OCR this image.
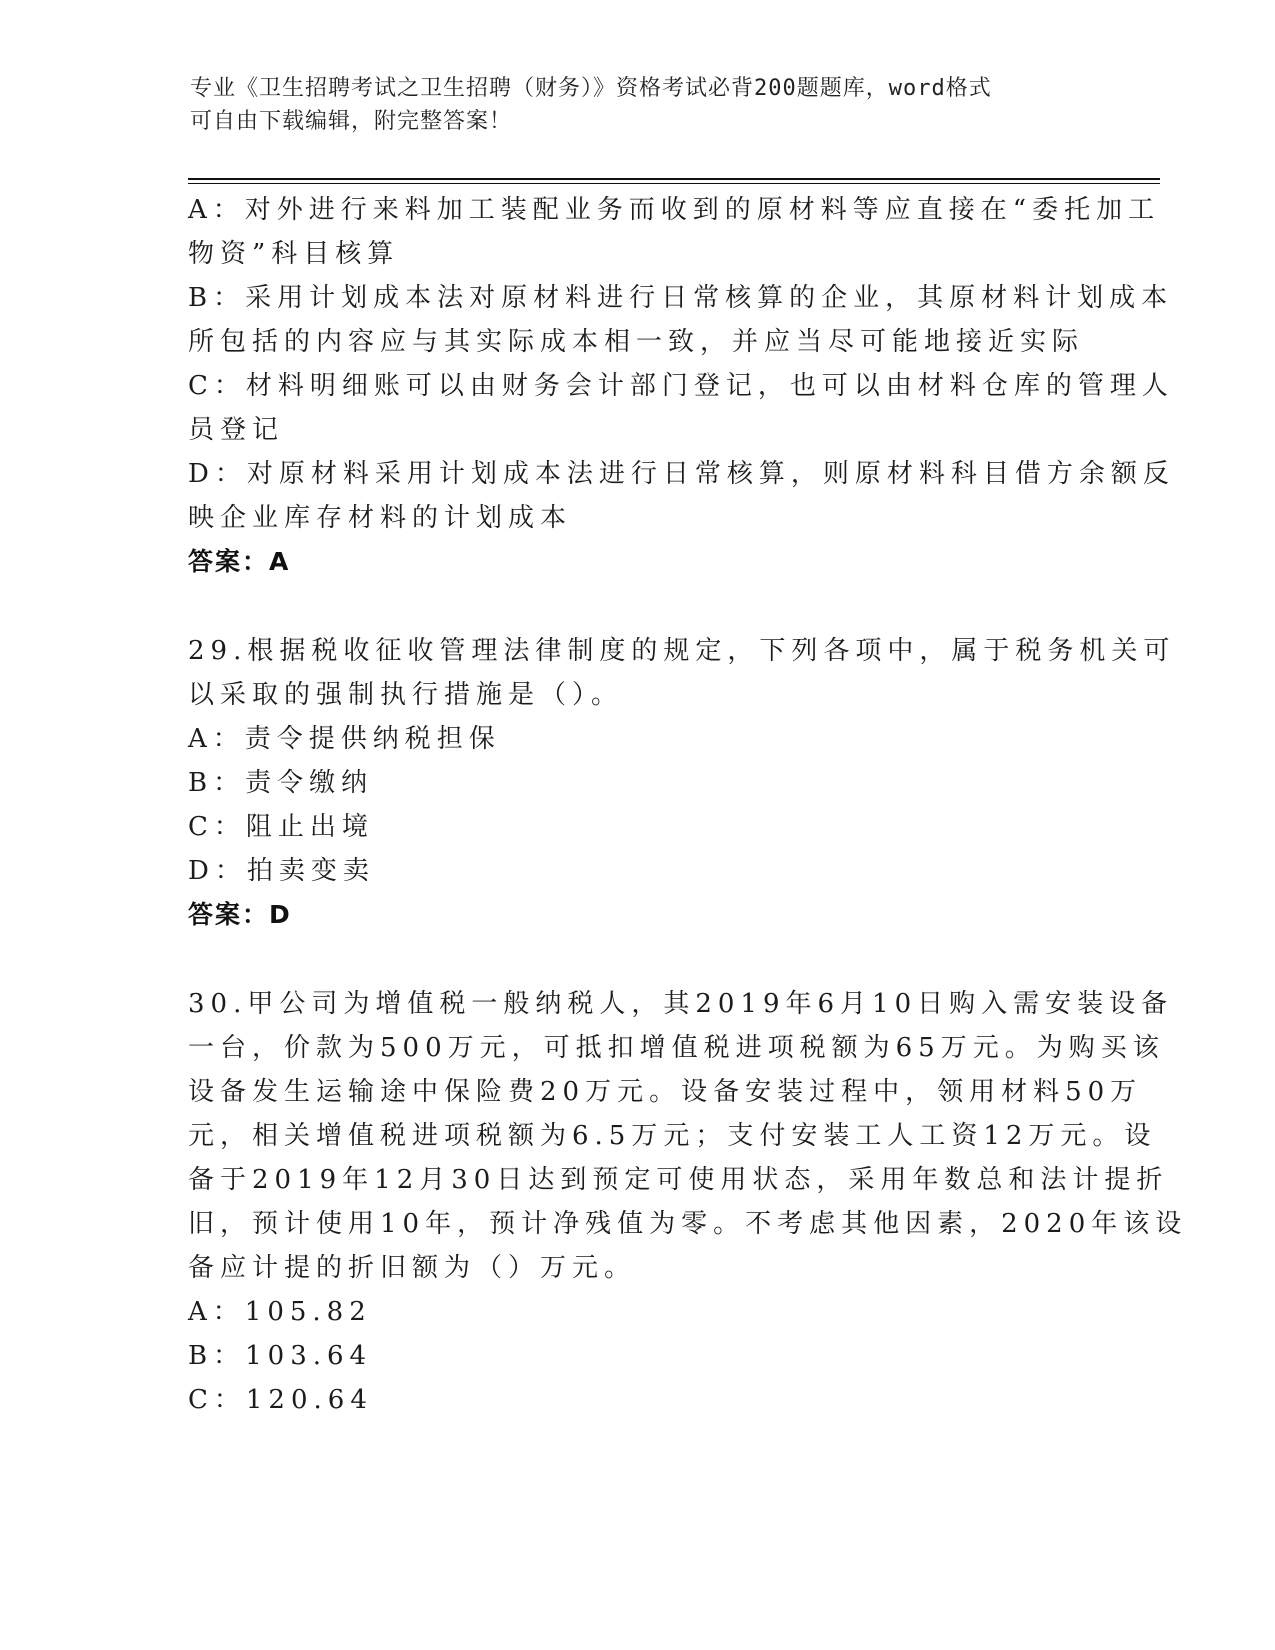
专业《卫生招聘考试之卫生招聘（财务）》资格考试必背200题题库，word格式
可自由下载编辑，附完整答案！
A：对外进行来料加工装配业务而收到的原材料等应直接在“委托加工
物资”科目核算
B：采用计划成本法对原材料进行日常核算的企业，其原材料计划成本
所包括的内容应与其实际成本相一致，并应当尽可能地接近实际
C：材料明细账可以由财务会计部门登记，也可以由材料仓库的管理人
员登记
D：对原材料采用计划成本法进行日常核算，则原材料科目借方余额反
映企业库存材料的计划成本
答案：A
29.根据税收征收管理法律制度的规定，下列各项中，属于税务机关可
以采取的强制执行措施是（）。
A：责令提供纳税担保
B：责令缴纳
C：阻止出境
D：拍卖变卖
答案：D
30.甲公司为增值税一般纳税人，其2019年6月10日购入需安装设备
一台，价款为500万元，可抵扣增值税进项税额为65万元。为购买该
设备发生运输途中保险费20万元。设备安装过程中，领用材料50万
元，相关增值税进项税额为6.5万元；支付安装工人工资12万元。设
备于2019年12月30日达到预定可使用状态，采用年数总和法计提折
旧，预计使用10年，预计净残值为零。不考虑其他因素，2020年该设
备应计提的折旧额为（）万元。
A：105.82
B：103.64
C：120.64
